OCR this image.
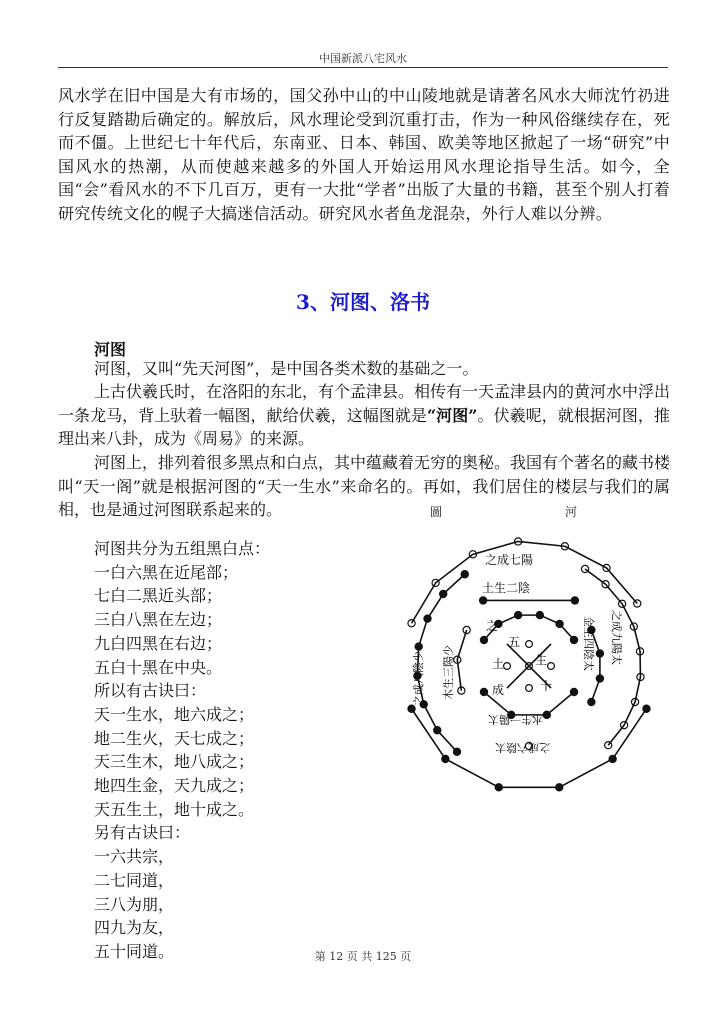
中国新派八宅风水

风水学在旧中国是大有市场的，国父孙中山的中山陵地就是请著名风水大师沈竹礽进行反复踏勘后确定的。解放后，风水理论受到沉重打击，作为一种风俗继续存在，死而不僵。上世纪七十年代后，东南亚、日本、韩国、欧美等地区掀起了一场“研究”中国风水的热潮，从而使越来越多的外国人开始运用风水理论指导生活。如今，全国“会”看风水的不下几百万，更有一大批“学者”出版了大量的书籍，甚至个别人打着研究传统文化的幌子大搞迷信活动。研究风水者鱼龙混杂，外行人难以分辨。

3、河图、洛书
河图

河图，又叫“先天河图”，是中国各类术数的基础之一。

上古伏羲氏时，在洛阳的东北，有个孟津县。相传有一天孟津县内的黄河水中浮出一条龙马，背上驮着一幅图，献给伏羲，这幅图就是“河图”。伏羲呢，就根据河图，推理出来八卦，成为《周易》的来源。

河图上，排列着很多黑点和白点，其中蕴藏着无穷的奥秘。我国有个著名的藏书楼叫“天一阁”就是根据河图的“天一生水”来命名的。再如，我们居住的楼层与我们的属相，也是通过河图联系起来的。

河图共分为五组黑白点：
一白六黑在近尾部；
七白二黑近头部；
三白八黑在左边；
九白四黑在右边；
五白十黑在中央。
所以有古诀曰：
天一生水，地六成之；
地二生火，天七成之；
天三生木，地八成之；
地四生金，天九成之；
天五生土，地十成之。
另有古诀曰：
一六共宗，
二七同道，
三八为朋，
四九为友，
五十同道。
圖	河
之成七陽
土生二陰
之成八陰少 木生三陽少
之成九陽太
金生四陰太
水生一陽太
之成六陰太
五
土	生
十
之
成
第 12 页 共 125 页
